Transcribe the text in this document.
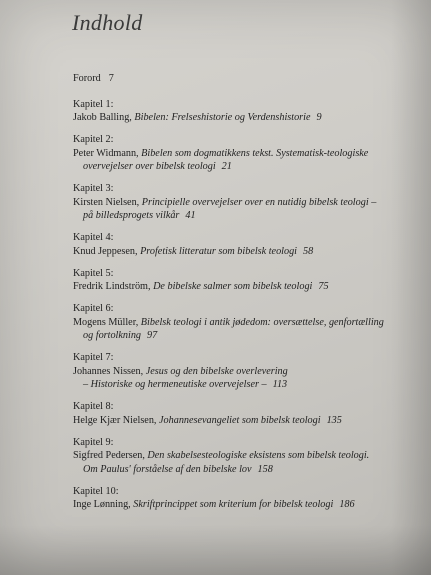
Indhold
Forord 7
Kapitel 1:
Jakob Balling, Bibelen: Frelseshistorie og Verdenshistorie 9
Kapitel 2:
Peter Widmann, Bibelen som dogmatikkens tekst. Systematisk-teologiske
overvejelser over bibelsk teologi 21
Kapitel 3:
Kirsten Nielsen, Principielle overvejelser over en nutidig bibelsk teologi –
på billedsprogets vilkår 41
Kapitel 4:
Knud Jeppesen, Profetisk litteratur som bibelsk teologi 58
Kapitel 5:
Fredrik Lindström, De bibelske salmer som bibelsk teologi 75
Kapitel 6:
Mogens Müller, Bibelsk teologi i antik jødedom: oversættelse, genfortælling
og fortolkning 97
Kapitel 7:
Johannes Nissen, Jesus og den bibelske overlevering
– Historiske og hermeneutiske overvejelser – 113
Kapitel 8:
Helge Kjær Nielsen, Johannesevangeliet som bibelsk teologi 135
Kapitel 9:
Sigfred Pedersen, Den skabelsesteologiske eksistens som bibelsk teologi.
Om Paulus' forståelse af den bibelske lov 158
Kapitel 10:
Inge Lønning, Skriftprincippet som kriterium for bibelsk teologi 186
